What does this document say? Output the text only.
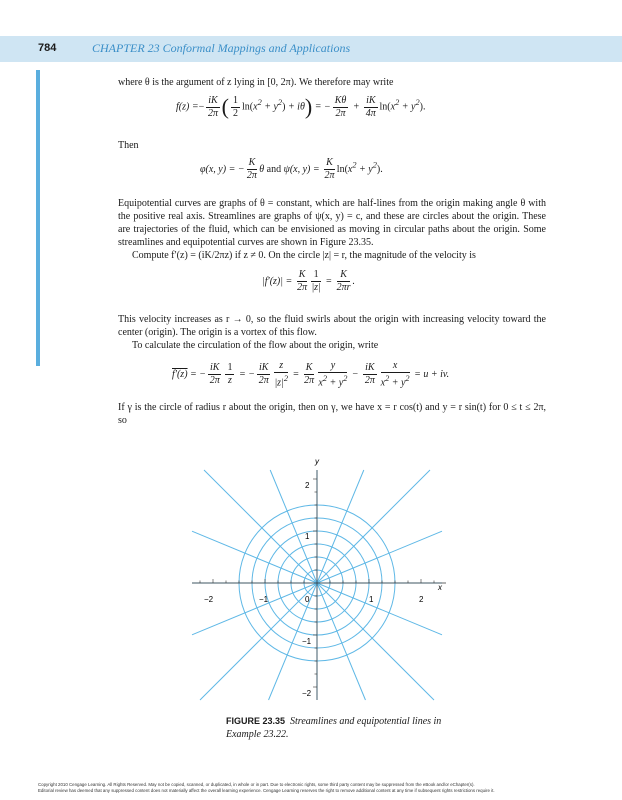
784	CHAPTER 23 Conformal Mappings and Applications

where θ is the argument of z lying in [0, 2π). We therefore may write

$f(z) =- \frac{iK}{2\pi}$ ( $\frac{1}{2} \ln(x^2 + y^2) + i\theta$) = − $\frac{K\theta}{2\pi} + \frac{iK}{4\pi} \ln(x^2 + y^2)$.

Then

φ(x, y) = − $\frac{K}{2\pi}$ θ and ψ(x, $y) = \frac{K}{2\pi} \ln(x^2 + y^2)$.

Equipotential curves are graphs of θ = constant, which are half-lines from the origin making angle θ with the positive real axis. Streamlines are graphs of ψ(x, y) = c, and these are circles about the origin. These are trajectories of the fluid, which can be envisioned as moving in circular paths about the origin. Some streamlines and equipotential curves are shown in Figure 23.35.

Compute f′(z) = (iK/2πz) if z ≠ 0. On the circle |z| = r, the magnitude of the velocity is

$|f'(z)| = \frac{K}{2\pi} \frac{1}{|z|} = \frac{K}{2\pi r}$ .

This velocity increases as r → 0, so the fluid swirls about the origin with increasing velocity toward the center (origin). The origin is a vortex of this flow.

To calculate the circulation of the flow about the origin, write

f′(z) = − $\frac{iK}{2\pi} \frac{1}{z}$ = − $\frac{iK}{2\pi} \frac{z}{|z|^2} = \frac{K}{2\pi} \frac{y}{x^2 + y^2} - \frac{iK}{2\pi} \frac{x}{x^2 + y^2} = u$ + iv.

If γ is the circle of radius r about the origin, then on γ, we have x = r cos(t) and y = r sin(t) for 0 ≤ t ≤ 2π, so

x
y
−2	−1	0	1	2
2
1
−1
−2
FIGURE 23.35 Streamlines and equipotential lines in Example 23.22.
Copyright 2010 Cengage Learning. All Rights Reserved. May not be copied, scanned, or duplicated, in whole or in part. Due to electronic rights, some third party content may be suppressed from the eBook and/or eChapter(s).
Editorial review has deemed that any suppressed content does not materially affect the overall learning experience. Cengage Learning reserves the right to remove additional content at any time if subsequent rights restrictions require it.
